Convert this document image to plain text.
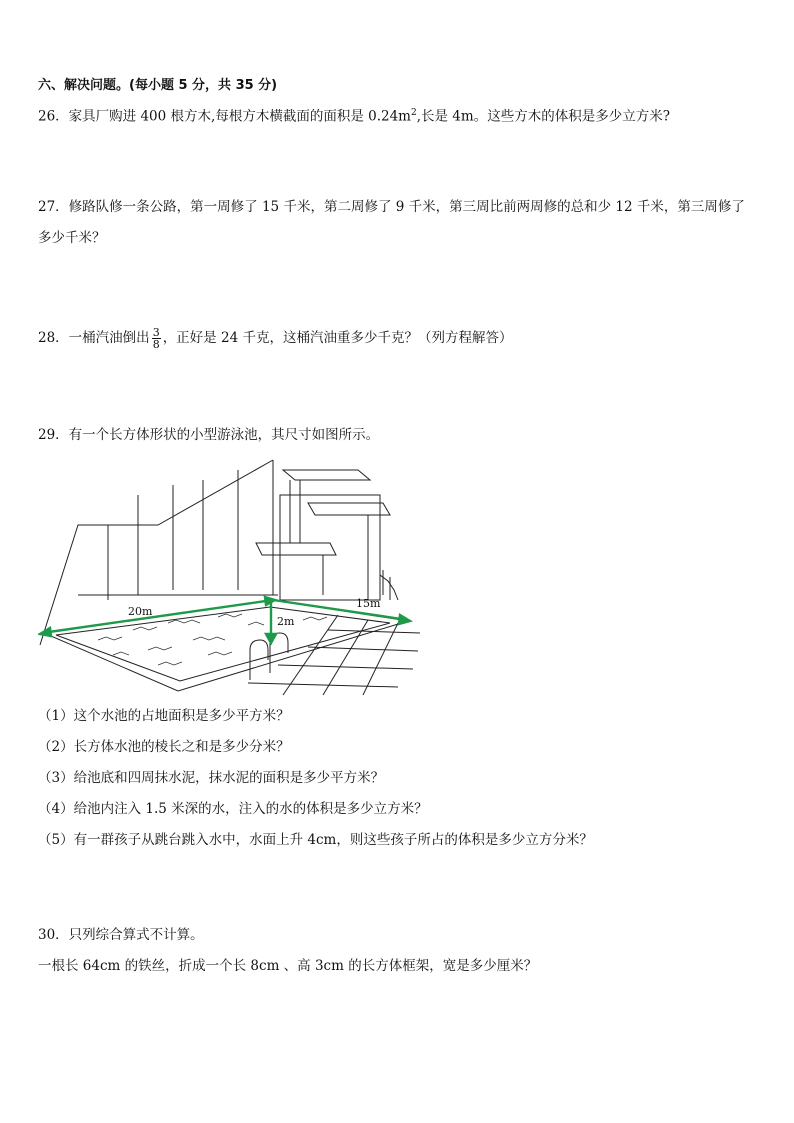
六、解决问题。(每小题 5 分，共 35 分)
26．家具厂购进 400 根方木,每根方木横截面的面积是 $0.24m^2$,长是 4m。这些方木的体积是多少立方米?
27．修路队修一条公路，第一周修了 15 千米，第二周修了 9 千米，第三周比前两周修的总和少 12 千米，第三周修了
多少千米？
28．一桶汽油倒出 $\frac{3}{8}$ ，正好是 24 千克，这桶汽油重多少千克？（列方程解答）
29．有一个长方体形状的小型游泳池，其尺寸如图所示。
20m
15m
2m
（1）这个水池的占地面积是多少平方米？
（2）长方体水池的棱长之和是多少分米？
（3）给池底和四周抹水泥，抹水泥的面积是多少平方米？
（4）给池内注入 1.5 米深的水，注入的水的体积是多少立方米？
（5）有一群孩子从跳台跳入水中，水面上升 4cm，则这些孩子所占的体积是多少立方分米？
30．只列综合算式不计算。
一根长 64cm 的铁丝，折成一个长 8cm 、高 3cm 的长方体框架，宽是多少厘米？
